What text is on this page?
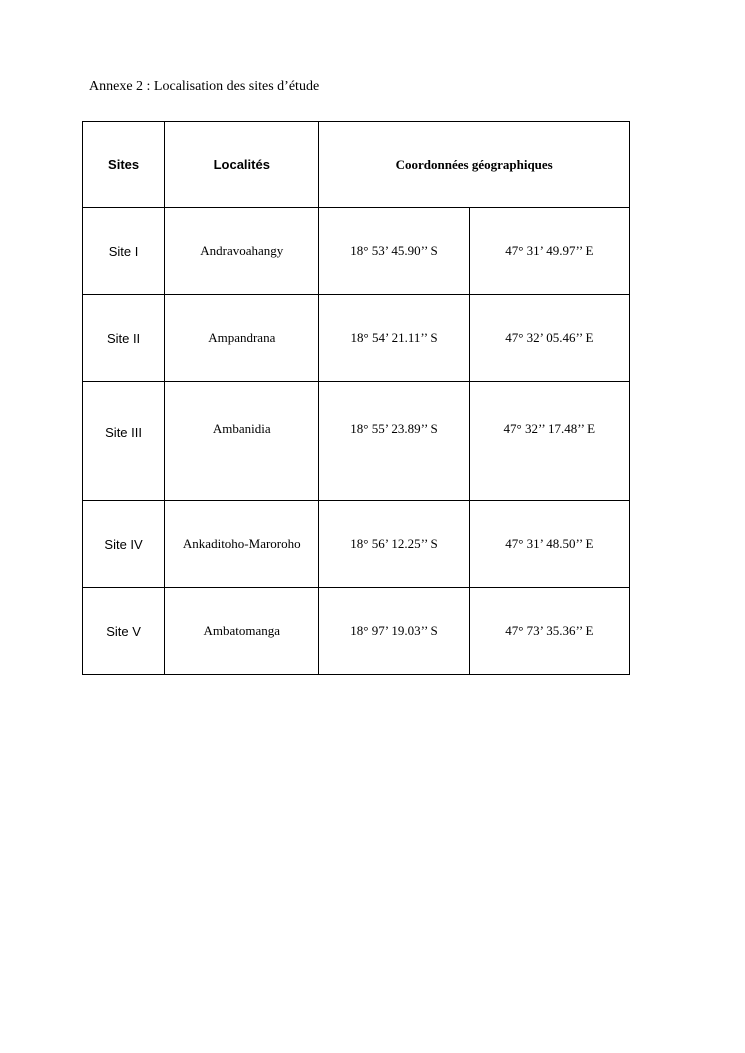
Annexe 2 : Localisation des sites d’étude

Sites	Localités	Coordonnées géographiques	
Site I	Andravoahangy	18° 53’ 45.90’’ S	47° 31’ 49.97’’ E
Site II	Ampandrana	18° 54’ 21.11’’ S	47° 32’ 05.46’’ E
Site III	Ambanidia	18° 55’ 23.89’’ S	47° 32’’ 17.48’’ E
Site IV	Ankaditoho-Maroroho	18° 56’ 12.25’’ S	47° 31’ 48.50’’ E
Site V	Ambatomanga	18° 97’ 19.03’’ S	47° 73’ 35.36’’ E
